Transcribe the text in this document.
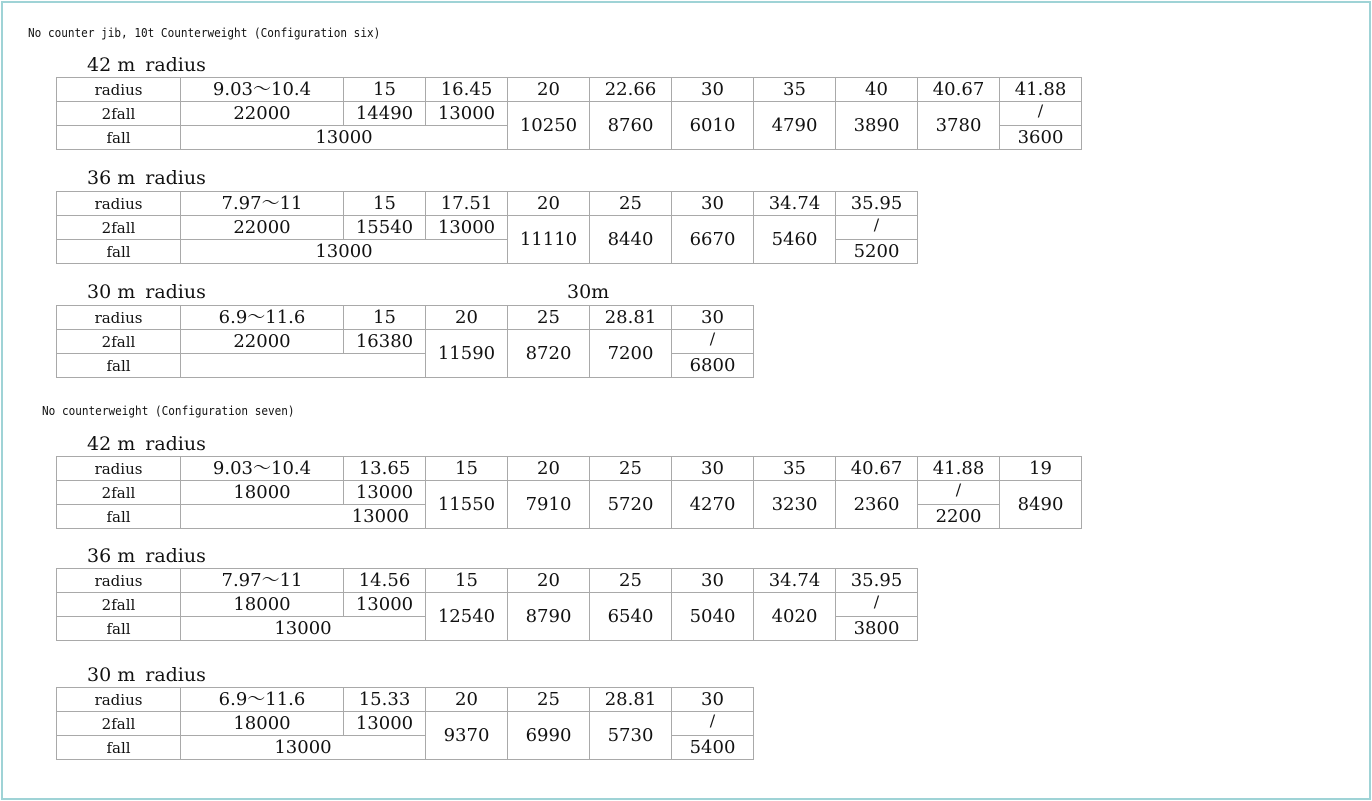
No counter jib, 10t Counterweight (Configuration six)
42 m radius
radius	9.03～10.4	15	16.45	20	22.66	30	35	40	40.67	41.88
2fall	22000	14490	13000	10250	8760	6010	4790	3890	3780	/

fall	13000									3600
36 m radius
radius	7.97～11	15	17.51	20	25	30	34.74	35.95
2fall	22000	15540	13000	11110	8440	6670	5460	/

fall	13000							5200
30 m radius	30m
radius	6.9～11.6	15	20	25	28.81	30
2fall	22000	16380	11590	8720	7200	/

fall						6800
No counterweight (Configuration seven)
42 m radius
radius	9.03～10.4	13.65	15	20	25	30	35	40.67	41.88	19
2fall	18000	13000	11550	7910	5720	4270	3230	2360	/	8490
fall	13000								2200	
36 m radius
radius	7.97～11	14.56	15	20	25	30	34.74	35.95
2fall	18000	13000	12540	8790	6540	5040	4020	/

fall	13000							3800
30 m radius
radius	6.9～11.6	15.33	20	25	28.81	30
2fall	18000	13000	9370	6990	5730	/

fall	13000					5400
